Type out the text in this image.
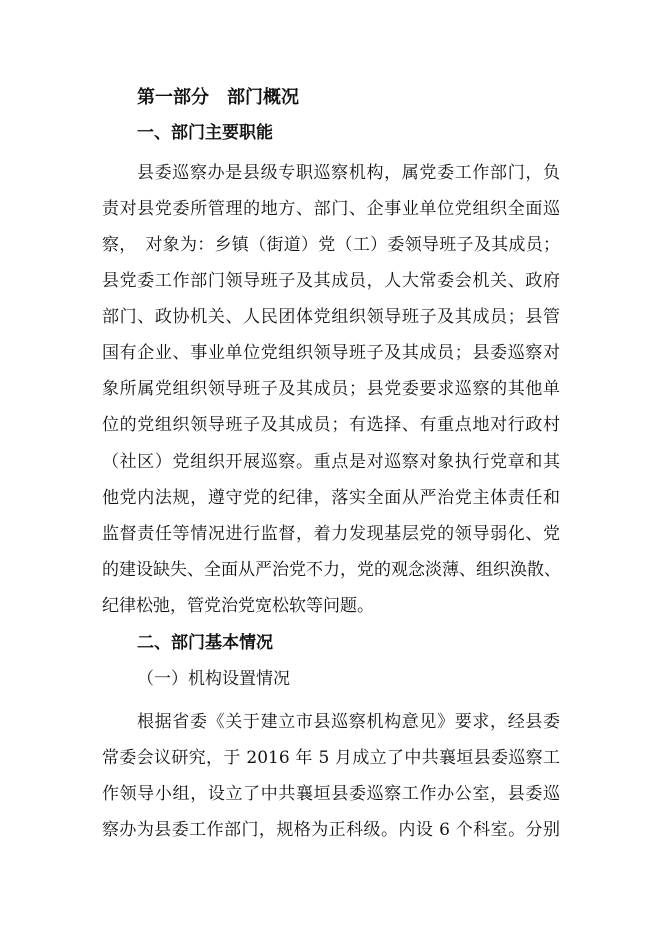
第一部分　部门概况
一、部门主要职能
县委巡察办是县级专职巡察机构，属党委工作部门，负
责对县党委所管理的地方、部门、企事业单位党组织全面巡
察，　对象为：乡镇（街道）党（工）委领导班子及其成员；
县党委工作部门领导班子及其成员，人大常委会机关、政府
部门、政协机关、人民团体党组织领导班子及其成员；县管
国有企业、事业单位党组织领导班子及其成员；县委巡察对
象所属党组织领导班子及其成员；县党委要求巡察的其他单
位的党组织领导班子及其成员；有选择、有重点地对行政村
（社区）党组织开展巡察。重点是对巡察对象执行党章和其
他党内法规，遵守党的纪律，落实全面从严治党主体责任和
监督责任等情况进行监督，着力发现基层党的领导弱化、党
的建设缺失、全面从严治党不力，党的观念淡薄、组织涣散、
纪律松弛，管党治党宽松软等问题。
二、部门基本情况
（一）机构设置情况
根据省委《关于建立市县巡察机构意见》要求，经县委
常委会议研究，于 2016 年 5 月成立了中共襄垣县委巡察工
作领导小组，设立了中共襄垣县委巡察工作办公室，县委巡
察办为县委工作部门，规格为正科级。内设 6 个科室。分别
